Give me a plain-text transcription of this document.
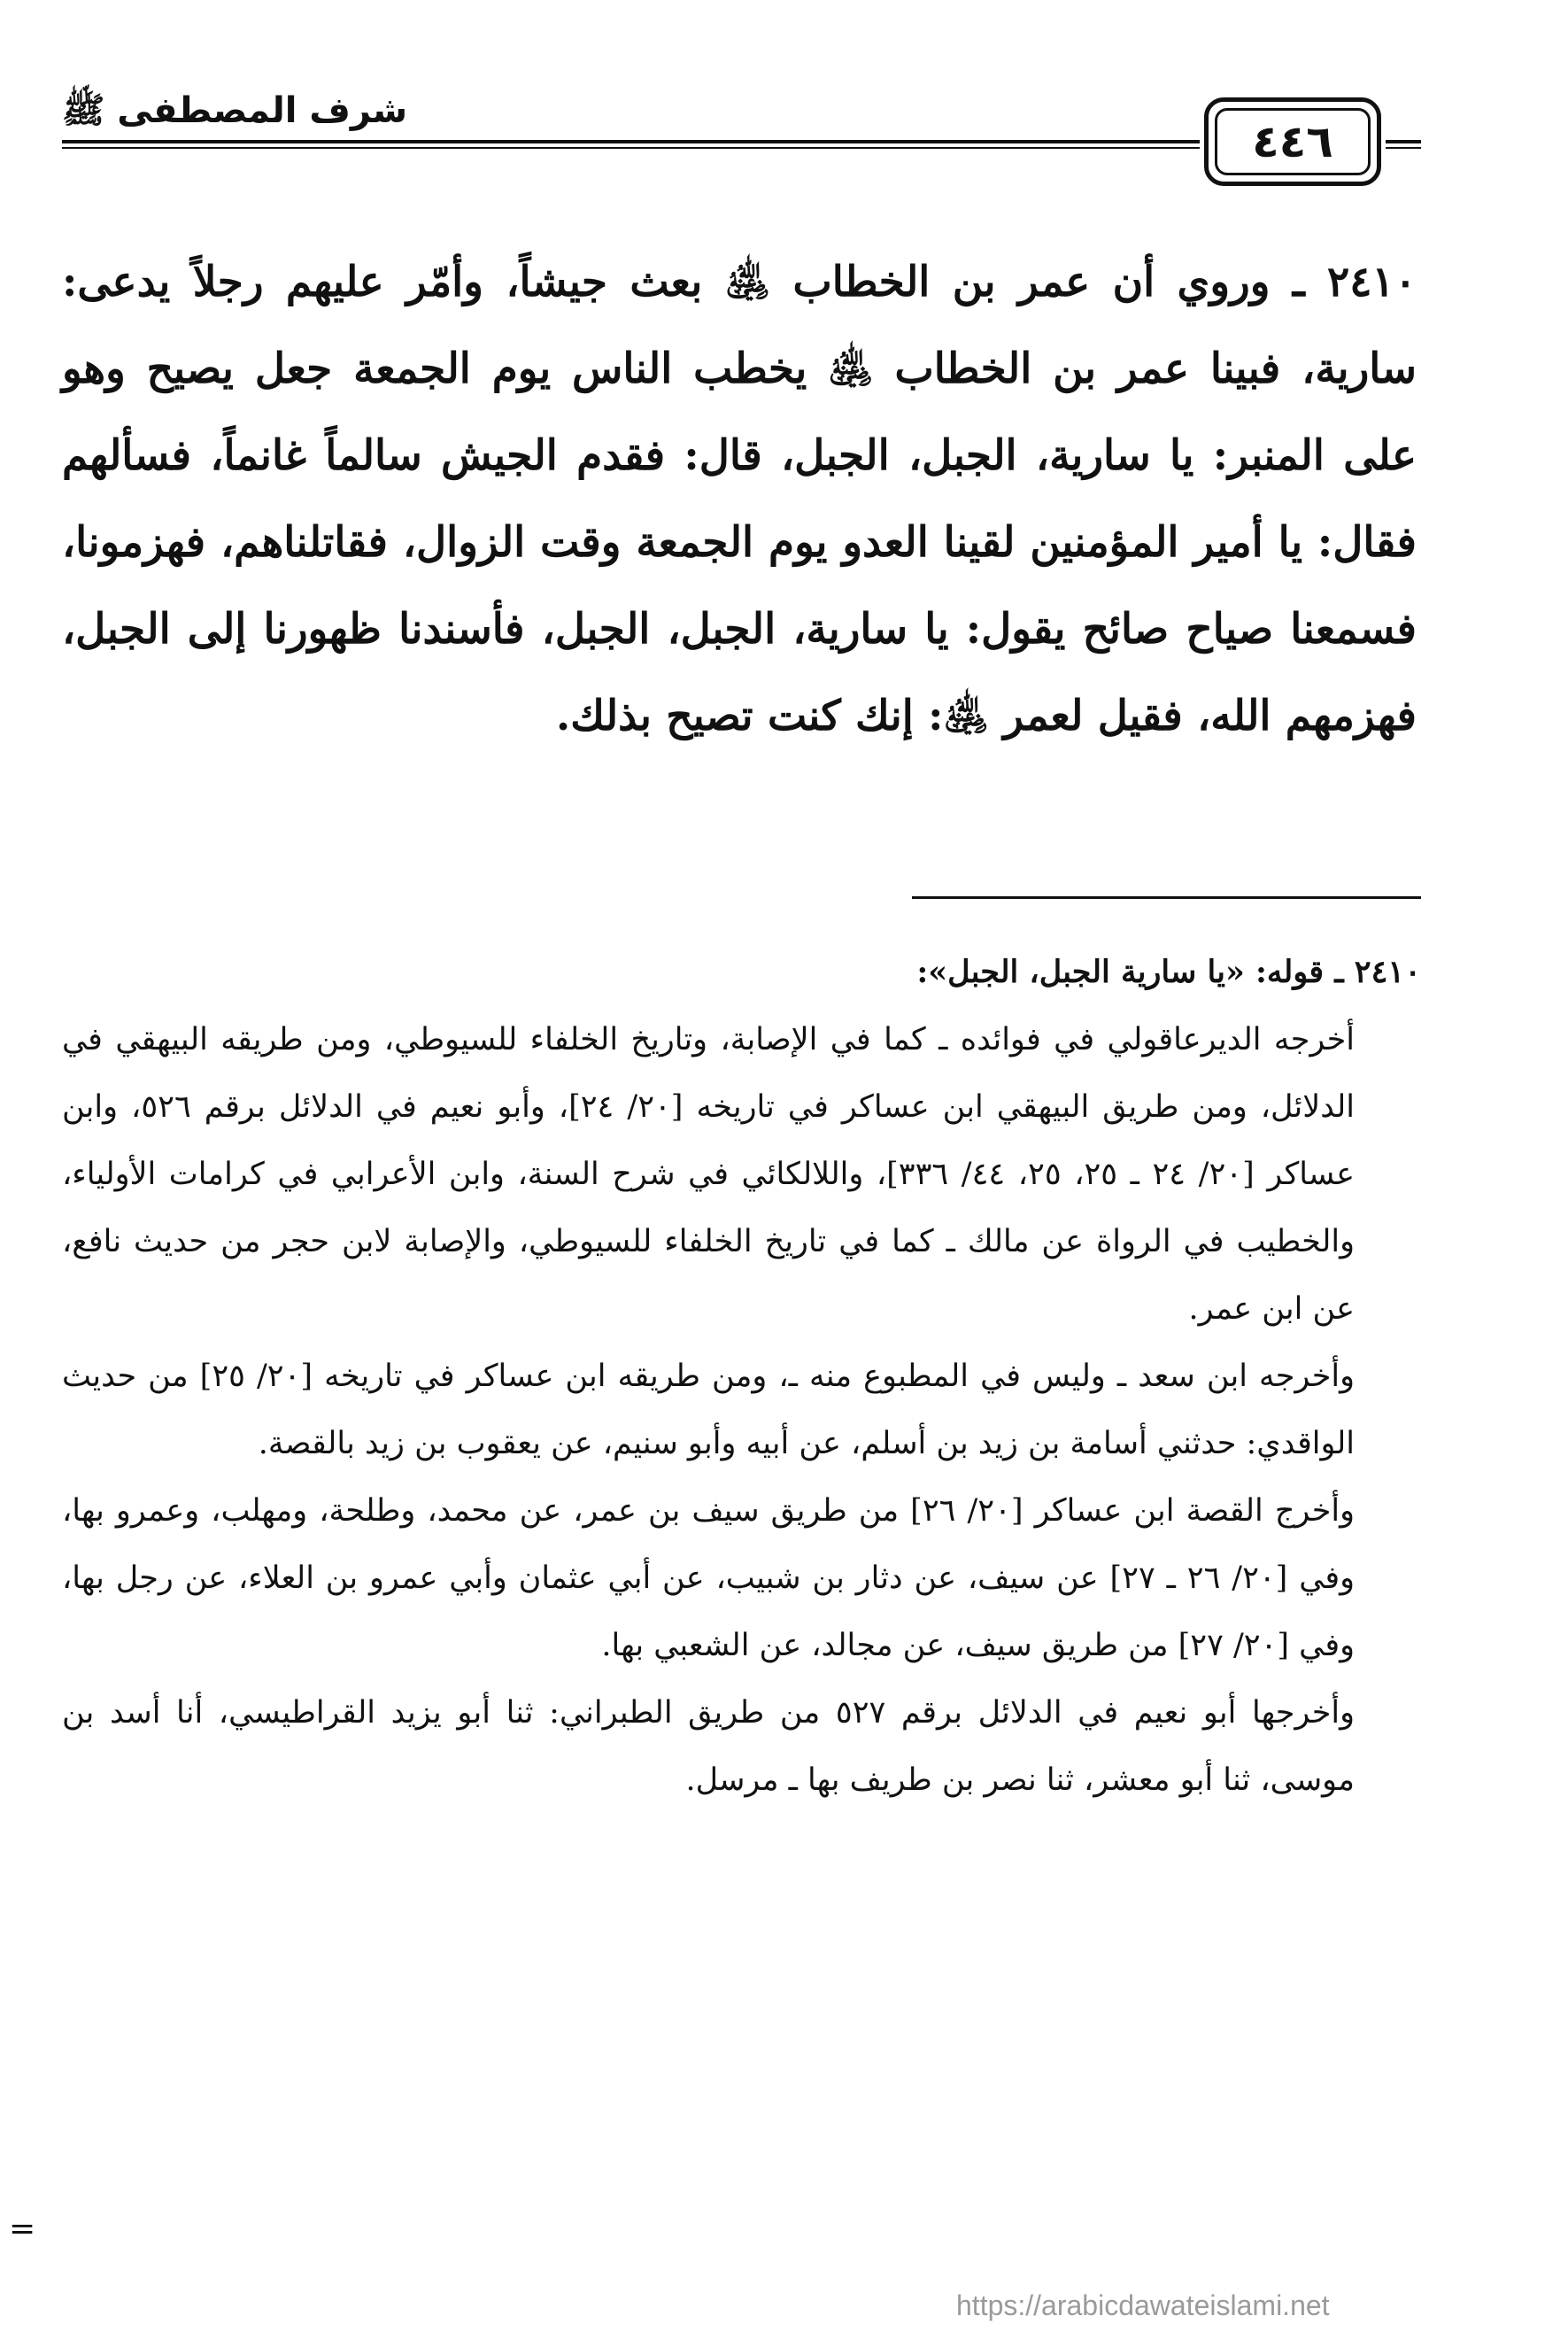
شرف المصطفى ﷺ
٤٤٦
٢٤١٠ ـ وروي أن عمر بن الخطاب ﵁ بعث جيشاً، وأمّر عليهم رجلاً يدعى: سارية، فبينا عمر بن الخطاب ﵁ يخطب الناس يوم الجمعة جعل يصيح وهو على المنبر: يا سارية، الجبل، الجبل، قال: فقدم الجيش سالماً غانماً، فسألهم فقال: يا أمير المؤمنين لقينا العدو يوم الجمعة وقت الزوال، فقاتلناهم، فهزمونا، فسمعنا صياح صائح يقول: يا سارية، الجبل، الجبل، فأسندنا ظهورنا إلى الجبل، فهزمهم الله، فقيل لعمر ﵁: إنك كنت تصيح بذلك.

٢٤١٠ ـ قوله: «يا سارية الجبل، الجبل»:

أخرجه الديرعاقولي في فوائده ـ كما في الإصابة، وتاريخ الخلفاء للسيوطي، ومن طريقه البيهقي في الدلائل، ومن طريق البيهقي ابن عساكر في تاريخه [٢٠/ ٢٤]، وأبو نعيم في الدلائل برقم ٥٢٦، وابن عساكر [٢٠/ ٢٤ ـ ٢٥، ٢٥، ٤٤/ ٣٣٦]، واللالكائي في شرح السنة، وابن الأعرابي في كرامات الأولياء، والخطيب في الرواة عن مالك ـ كما في تاريخ الخلفاء للسيوطي، والإصابة لابن حجر من حديث نافع، عن ابن عمر.

وأخرجه ابن سعد ـ وليس في المطبوع منه ـ، ومن طريقه ابن عساكر في تاريخه [٢٠/ ٢٥] من حديث الواقدي: حدثني أسامة بن زيد بن أسلم، عن أبيه وأبو سنيم، عن يعقوب بن زيد بالقصة.

وأخرج القصة ابن عساكر [٢٠/ ٢٦] من طريق سيف بن عمر، عن محمد، وطلحة، ومهلب، وعمرو بها، وفي [٢٠/ ٢٦ ـ ٢٧] عن سيف، عن دثار بن شبيب، عن أبي عثمان وأبي عمرو بن العلاء، عن رجل بها، وفي [٢٠/ ٢٧] من طريق سيف، عن مجالد، عن الشعبي بها.

وأخرجها أبو نعيم في الدلائل برقم ٥٢٧ من طريق الطبراني: ثنا أبو يزيد القراطيسي، أنا أسد بن موسى، ثنا أبو معشر، ثنا نصر بن طريف بها ـ مرسل.

=
https://arabicdawateislami.net
